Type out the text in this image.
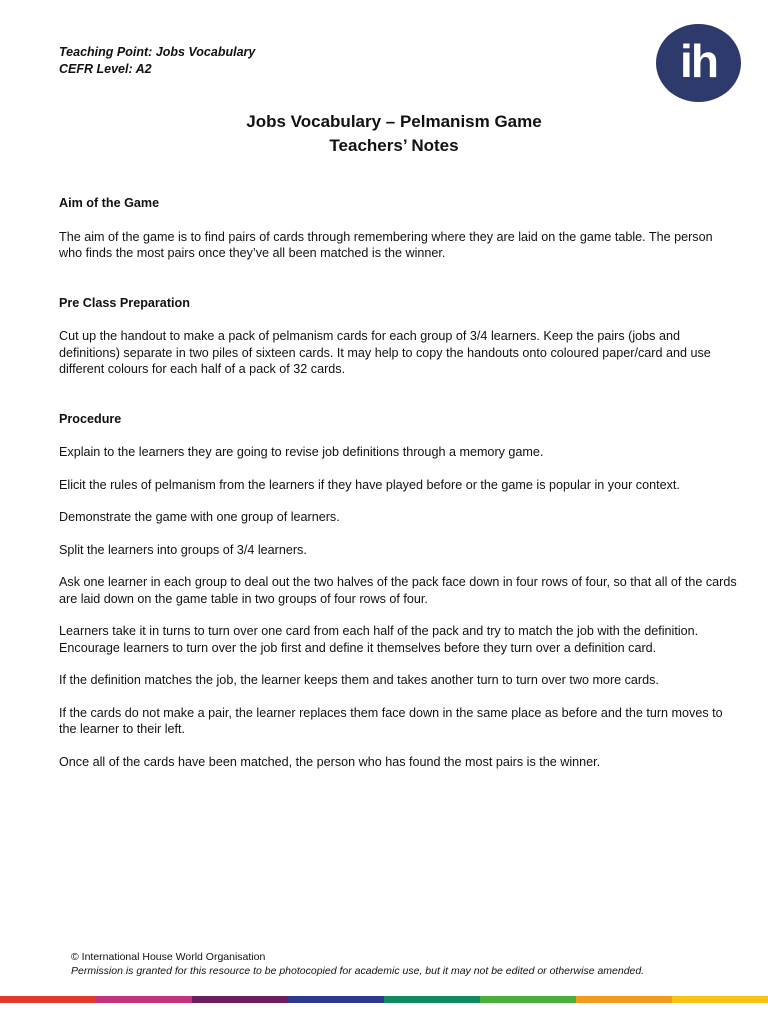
Teaching Point: Jobs Vocabulary
CEFR Level: A2	ih
Jobs Vocabulary – Pelmanism Game
Teachers’ Notes

Aim of the Game

The aim of the game is to find pairs of cards through remembering where they are laid on the game table. The person who finds the most pairs once they’ve all been matched is the winner.

Pre Class Preparation

Cut up the handout to make a pack of pelmanism cards for each group of 3/4 learners. Keep the pairs (jobs and definitions) separate in two piles of sixteen cards. It may help to copy the handouts onto coloured paper/card and use different colours for each half of a pack of 32 cards.

Procedure

Explain to the learners they are going to revise job definitions through a memory game.

Elicit the rules of pelmanism from the learners if they have played before or the game is popular in your context.

Demonstrate the game with one group of learners.

Split the learners into groups of 3/4 learners.

Ask one learner in each group to deal out the two halves of the pack face down in four rows of four, so that all of the cards are laid down on the game table in two groups of four rows of four.

Learners take it in turns to turn over one card from each half of the pack and try to match the job with the definition. Encourage learners to turn over the job first and define it themselves before they turn over a definition card.

If the definition matches the job, the learner keeps them and takes another turn to turn over two more cards.

If the cards do not make a pair, the learner replaces them face down in the same place as before and the turn moves to the learner to their left.

Once all of the cards have been matched, the person who has found the most pairs is the winner.

© International House World Organisation
Permission is granted for this resource to be photocopied for academic use, but it may not be edited or otherwise amended.
